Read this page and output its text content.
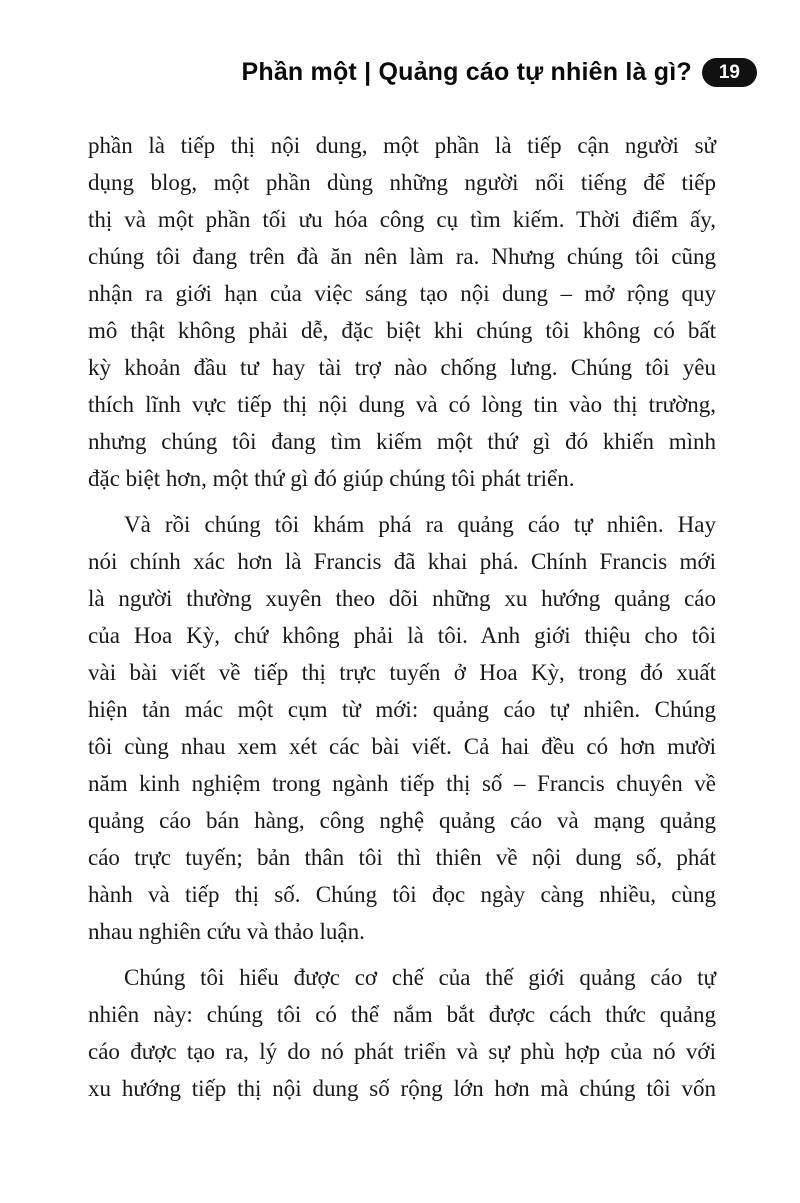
Phần một | Quảng cáo tự nhiên là gì?	19
phần là tiếp thị nội dung, một phần là tiếp cận người sử
dụng blog, một phần dùng những người nổi tiếng để tiếp
thị và một phần tối ưu hóa công cụ tìm kiếm. Thời điểm ấy,
chúng tôi đang trên đà ăn nên làm ra. Nhưng chúng tôi cũng
nhận ra giới hạn của việc sáng tạo nội dung – mở rộng quy
mô thật không phải dễ, đặc biệt khi chúng tôi không có bất
kỳ khoản đầu tư hay tài trợ nào chống lưng. Chúng tôi yêu
thích lĩnh vực tiếp thị nội dung và có lòng tin vào thị trường,
nhưng chúng tôi đang tìm kiếm một thứ gì đó khiến mình
đặc biệt hơn, một thứ gì đó giúp chúng tôi phát triển.
Và rồi chúng tôi khám phá ra quảng cáo tự nhiên. Hay
nói chính xác hơn là Francis đã khai phá. Chính Francis mới
là người thường xuyên theo dõi những xu hướng quảng cáo
của Hoa Kỳ, chứ không phải là tôi. Anh giới thiệu cho tôi
vài bài viết về tiếp thị trực tuyến ở Hoa Kỳ, trong đó xuất
hiện tản mác một cụm từ mới: quảng cáo tự nhiên. Chúng
tôi cùng nhau xem xét các bài viết. Cả hai đều có hơn mười
năm kinh nghiệm trong ngành tiếp thị số – Francis chuyên về
quảng cáo bán hàng, công nghệ quảng cáo và mạng quảng
cáo trực tuyến; bản thân tôi thì thiên về nội dung số, phát
hành và tiếp thị số. Chúng tôi đọc ngày càng nhiều, cùng
nhau nghiên cứu và thảo luận.
Chúng tôi hiểu được cơ chế của thế giới quảng cáo tự
nhiên này: chúng tôi có thể nắm bắt được cách thức quảng
cáo được tạo ra, lý do nó phát triển và sự phù hợp của nó với
xu hướng tiếp thị nội dung số rộng lớn hơn mà chúng tôi vốn
